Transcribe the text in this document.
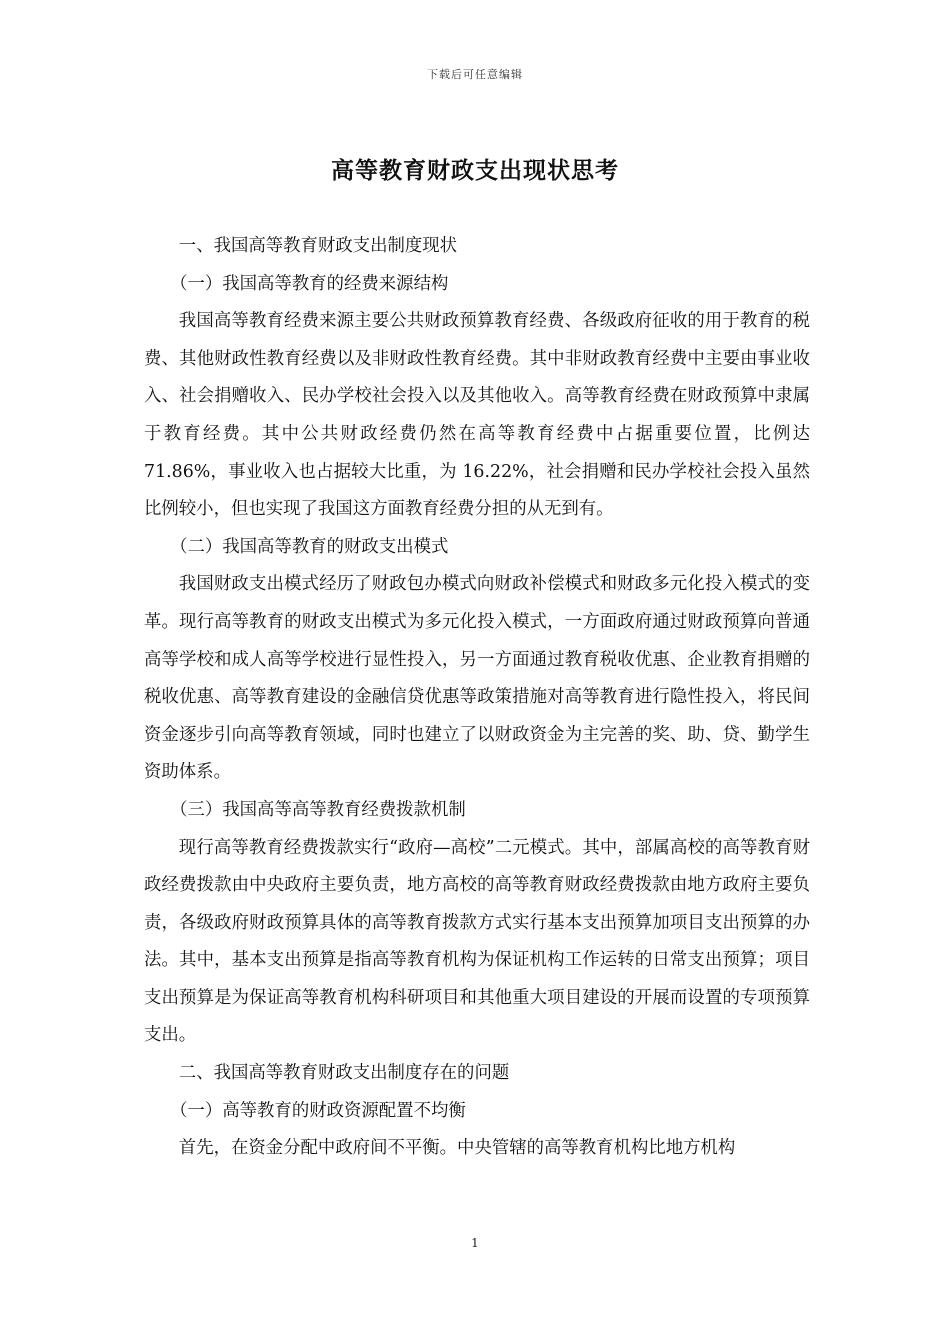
下载后可任意编辑
高等教育财政支出现状思考

一、我国高等教育财政支出制度现状

（一）我国高等教育的经费来源结构

我国高等教育经费来源主要公共财政预算教育经费、各级政府征收的用于教育的税费、其他财政性教育经费以及非财政性教育经费。其中非财政教育经费中主要由事业收入、社会捐赠收入、民办学校社会投入以及其他收入。高等教育经费在财政预算中隶属于教育经费。其中公共财政经费仍然在高等教育经费中占据重要位置，比例达 71.86%，事业收入也占据较大比重，为 16.22%，社会捐赠和民办学校社会投入虽然比例较小，但也实现了我国这方面教育经费分担的从无到有。

（二）我国高等教育的财政支出模式

我国财政支出模式经历了财政包办模式向财政补偿模式和财政多元化投入模式的变革。现行高等教育的财政支出模式为多元化投入模式，一方面政府通过财政预算向普通高等学校和成人高等学校进行显性投入，另一方面通过教育税收优惠、企业教育捐赠的税收优惠、高等教育建设的金融信贷优惠等政策措施对高等教育进行隐性投入，将民间资金逐步引向高等教育领域，同时也建立了以财政资金为主完善的奖、助、贷、勤学生资助体系。

（三）我国高等高等教育经费拨款机制

现行高等教育经费拨款实行“政府—高校”二元模式。其中，部属高校的高等教育财政经费拨款由中央政府主要负责，地方高校的高等教育财政经费拨款由地方政府主要负责，各级政府财政预算具体的高等教育拨款方式实行基本支出预算加项目支出预算的办法。其中，基本支出预算是指高等教育机构为保证机构工作运转的日常支出预算；项目支出预算是为保证高等教育机构科研项目和其他重大项目建设的开展而设置的专项预算支出。

二、我国高等教育财政支出制度存在的问题

（一）高等教育的财政资源配置不均衡

首先，在资金分配中政府间不平衡。中央管辖的高等教育机构比地方机构

1
